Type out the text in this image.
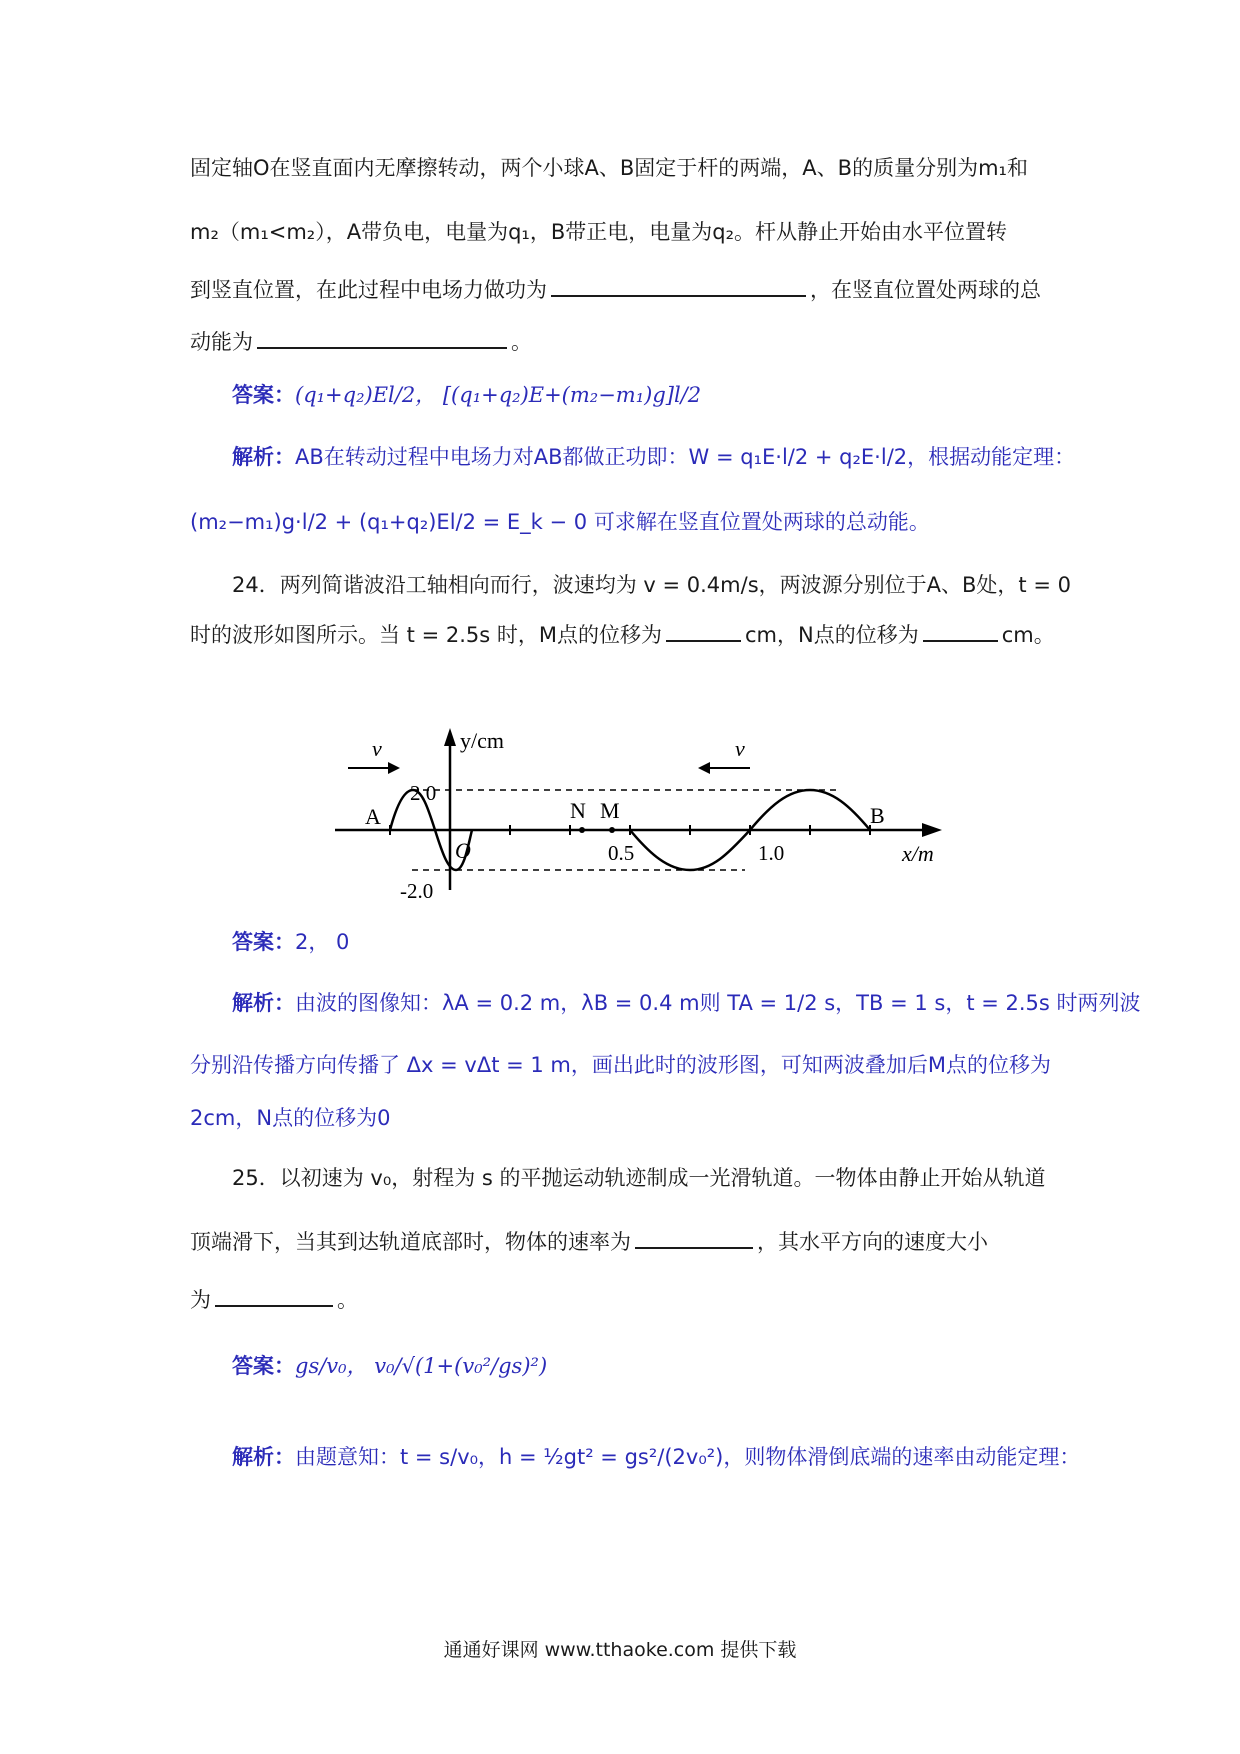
固定轴O在竖直面内无摩擦转动，两个小球A、B固定于杆的两端，A、B的质量分别为m₁和
m₂（m₁<m₂），A带负电，电量为q₁，B带正电，电量为q₂。杆从静止开始由水平位置转
到竖直位置，在此过程中电场力做功为	，在竖直位置处两球的总
动能为	。
答案：(q₁+q₂)El/2， [(q₁+q₂)E+(m₂−m₁)g]l/2
解析：AB在转动过程中电场力对AB都做正功即：W = q₁E·l/2 + q₂E·l/2，根据动能定理：
(m₂−m₁)g·l/2 + (q₁+q₂)El/2 = E_k − 0 可求解在竖直位置处两球的总动能。
24．两列简谐波沿工轴相向而行，波速均为 v = 0.4m/s，两波源分别位于A、B处，t = 0
时的波形如图所示。当 t = 2.5s 时，M点的位移为	cm，N点的位移为	cm。
v	v
y/cm
x/m
2.0
-2.0
O	0.5	1.0
A	B
N M
答案：2， 0
解析：由波的图像知：λA = 0.2 m，λB = 0.4 m则 TA = 1/2 s，TB = 1 s，t = 2.5s 时两列波
分别沿传播方向传播了 Δx = vΔt = 1 m，画出此时的波形图，可知两波叠加后M点的位移为
2cm，N点的位移为0
25．以初速为 v₀，射程为 s 的平抛运动轨迹制成一光滑轨道。一物体由静止开始从轨道
顶端滑下，当其到达轨道底部时，物体的速率为	，其水平方向的速度大小
为	。
答案：gs/v₀， v₀/√(1+(v₀²/gs)²)
解析：由题意知：t = s/v₀，h = ½gt² = gs²/(2v₀²)，则物体滑倒底端的速率由动能定理：
通通好课网 www.tthaoke.com 提供下载
